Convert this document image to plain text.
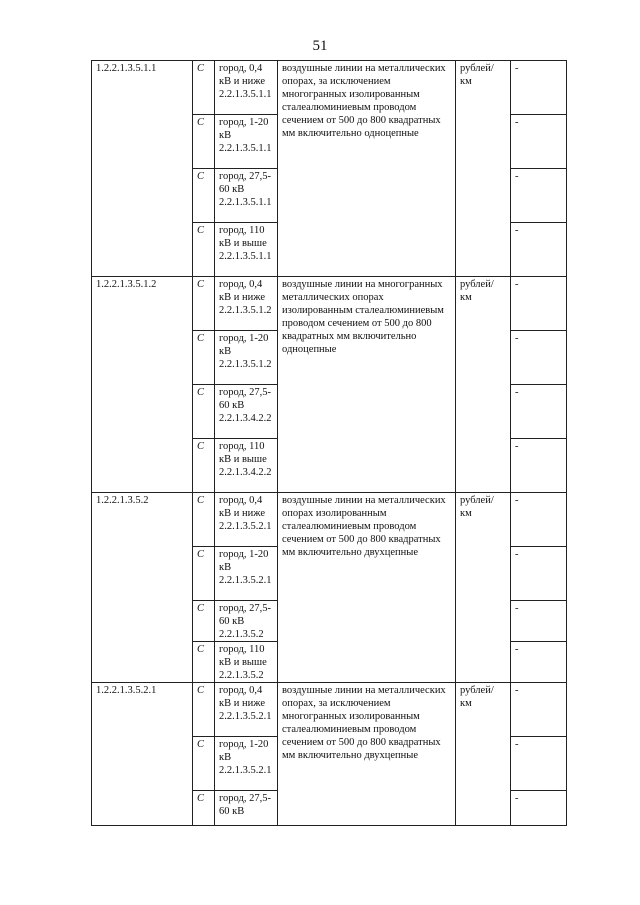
51
1.2.2.1.3.5.1.1	С	город, 0,4 кВ и ниже 2.2.1.3.5.1.1	воздушные линии на металлических опорах, за исключением многогранных изолированным сталеалюминиевым проводом сечением от 500 до 800 квадратных мм включительно одноцепные	рублей/ км	-
	С	город, 1-20 кВ 2.2.1.3.5.1.1			-
	С	город, 27,5-60 кВ 2.2.1.3.5.1.1			-
	С	город, 110 кВ и выше 2.2.1.3.5.1.1			-
1.2.2.1.3.5.1.2	С	город, 0,4 кВ и ниже 2.2.1.3.5.1.2	воздушные линии на многогранных металлических опорах изолированным сталеалюминиевым проводом сечением от 500 до 800 квадратных мм включительно одноцепные	рублей/ км	-
	С	город, 1-20 кВ 2.2.1.3.5.1.2			-
	С	город, 27,5-60 кВ 2.2.1.3.4.2.2			-
	С	город, 110 кВ и выше 2.2.1.3.4.2.2			-
1.2.2.1.3.5.2	С	город, 0,4 кВ и ниже 2.2.1.3.5.2.1	воздушные линии на металлических опорах изолированным сталеалюминиевым проводом сечением от 500 до 800 квадратных мм включительно двухцепные	рублей/ км	-
	С	город, 1-20 кВ 2.2.1.3.5.2.1			-
	С	город, 27,5-60 кВ 2.2.1.3.5.2			-
	С	город, 110 кВ и выше 2.2.1.3.5.2			-
1.2.2.1.3.5.2.1	С	город, 0,4 кВ и ниже 2.2.1.3.5.2.1	воздушные линии на металлических опорах, за исключением многогранных изолированным сталеалюминиевым проводом сечением от 500 до 800 квадратных мм включительно двухцепные	рублей/ км	-
	С	город, 1-20 кВ 2.2.1.3.5.2.1			-
	С	город, 27,5-60 кВ			-
